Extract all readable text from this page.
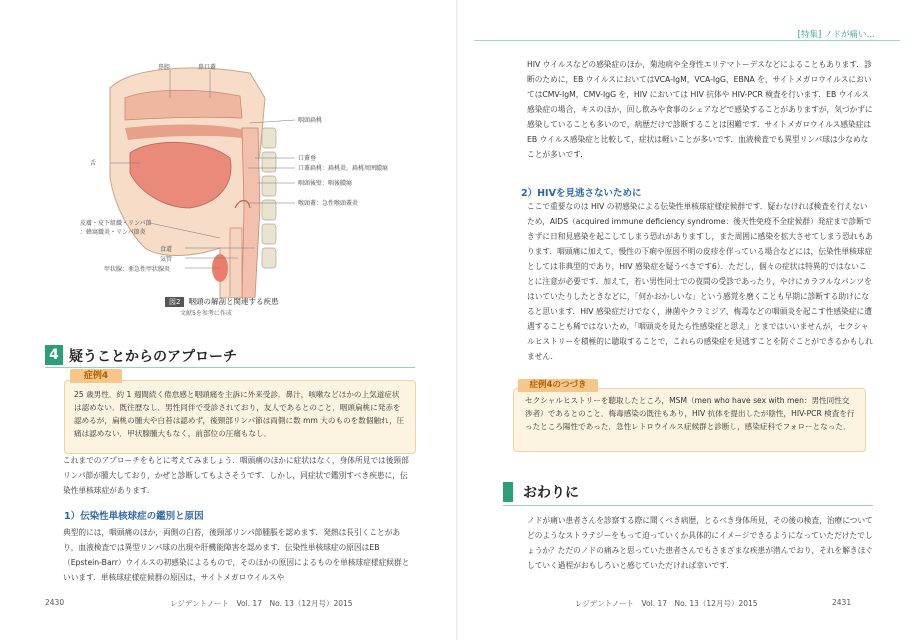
[特集] ノドが痛い…
鼻腔	鼻口蓋
咽頭扁桃
舌
口蓋垂
口蓋扁桃：扁桃炎，扁桃周囲膿瘍
咽頭後壁：咽後膿瘍
喉頭蓋：急性喉頭蓋炎
皮膚・皮下組織・リンパ節
：蜂窩織炎・リンパ節炎
食道
気管
甲状腺：亜急性甲状腺炎
図2 咽頭の解剖と関連する疾患
文献5を参考に作成
4 疑うことからのアプローチ
症例4
25 歳男性．約 1 週間続く倦怠感と咽頭痛を主訴に外来受診．鼻汁，咳嗽などほかの上気道症状は認めない．既往歴なし．男性同伴で受診されており，友人であるとのこと．咽頭扁桃に発赤を認めるが，扁桃の腫大や白苔は認めず，後頸部リンパ節は両側に数 mm 大のものを数個触れ，圧痛は認めない．甲状腺腫大もなく，前部位の圧痛もなし．
これまでのアプローチをもとに考えてみましょう．咽頭痛のほかに症状はなく，身体所見では後頸部リンパ節が腫大しており，かぜと診断してもよさそうです．しかし，同症状で鑑別すべき疾患に，伝染性単核球症があります．
1）伝染性単核球症の鑑別と原因
典型的には，咽頭痛のほか，両側の白苔，後頸部リンパ節腫脹を認めます．発熱は長引くことがあり，血液検査では異型リンパ球の出現や肝機能障害を認めます．伝染性単核球症の原因はEB（Epstein-Barr）ウイルスの初感染によるもので，そのほかの原因によるものを単核球症様症候群といいます．単核球症様症候群の原因は，サイトメガロウイルスや
HIV ウイルスなどの感染症のほか，菊池病や全身性エリテマトーデスなどによることもあります．診断のために，EB ウイルスにおいてはVCA-IgM，VCA-IgG，EBNA を，サイトメガロウイルスにおいてはCMV-IgM，CMV-IgG を，HIV においては HIV 抗体や HIV-PCR 検査を行います．EB ウイルス感染症の場合，キスのほか，回し飲みや食事のシェアなどで感染することがありますが，気づかずに感染していることも多いので，病歴だけで診断することは困難です．サイトメガロウイルス感染症は EB ウイルス感染症と比較して，症状は軽いことが多いです．血液検査でも異型リンパ球は少なめなことが多いです．
2）HIVを見逃さないために
ここで重要なのは HIV の初感染による伝染性単核球症様症候群です．疑わなければ検査を行えないため，AIDS（acquired immune deficiency syndrome：後天性免疫不全症候群）発症まで診断できずに日和見感染を起こしてしまう恐れがありますし，また周囲に感染を拡大させてしまう恐れもあります．咽頭痛に加えて，慢性の下痢や原因不明の皮疹を伴っている場合などには，伝染性単核球症としては非典型的であり，HIV 感染症を疑うべきです6）．ただし，個々の症状は特異的ではないことに注意が必要です．加えて，若い男性同士での夜間の受診であったり，やけにカラフルなパンツをはいていたりしたときなどに，「何かおかしいな」という感覚を磨くことも早期に診断する助けになると思います．HIV 感染症だけでなく，淋菌やクラミジア，梅毒などの咽頭炎を起こす性感染症に遭遇することも稀ではないため，「咽頭炎を見たら性感染症と思え」とまではいいませんが，セクシャルヒストリーを積極的に聴取することで，これらの感染症を見逃すことを防ぐことができるかもしれません．
症例4のつづき
セクシャルヒストリーを聴取したところ，MSM（men who have sex with men：男性同性交渉者）であるとのこと．梅毒感染の既往もあり，HIV 抗体を提出したが陰性，HIV-PCR 検査を行ったところ陽性であった．急性レトロウイルス症候群と診断し，感染症科でフォローとなった．
おわりに
ノドが痛い患者さんを診察する際に聞くべき病歴，とるべき身体所見，その後の検査，治療についてどのようなストラテジーをもって迫っていくか具体的にイメージできるようになっていただけたでしょうか？ただのノドの痛みと思っていた患者さんでもさまざまな疾患が潜んでおり，それを解きほぐしていく過程がおもしろいと感じていただければ幸いです．
2430	レジデントノート　Vol. 17　No. 13（12月号）2015	レジデントノート　Vol. 17　No. 13（12月号）2015	2431
